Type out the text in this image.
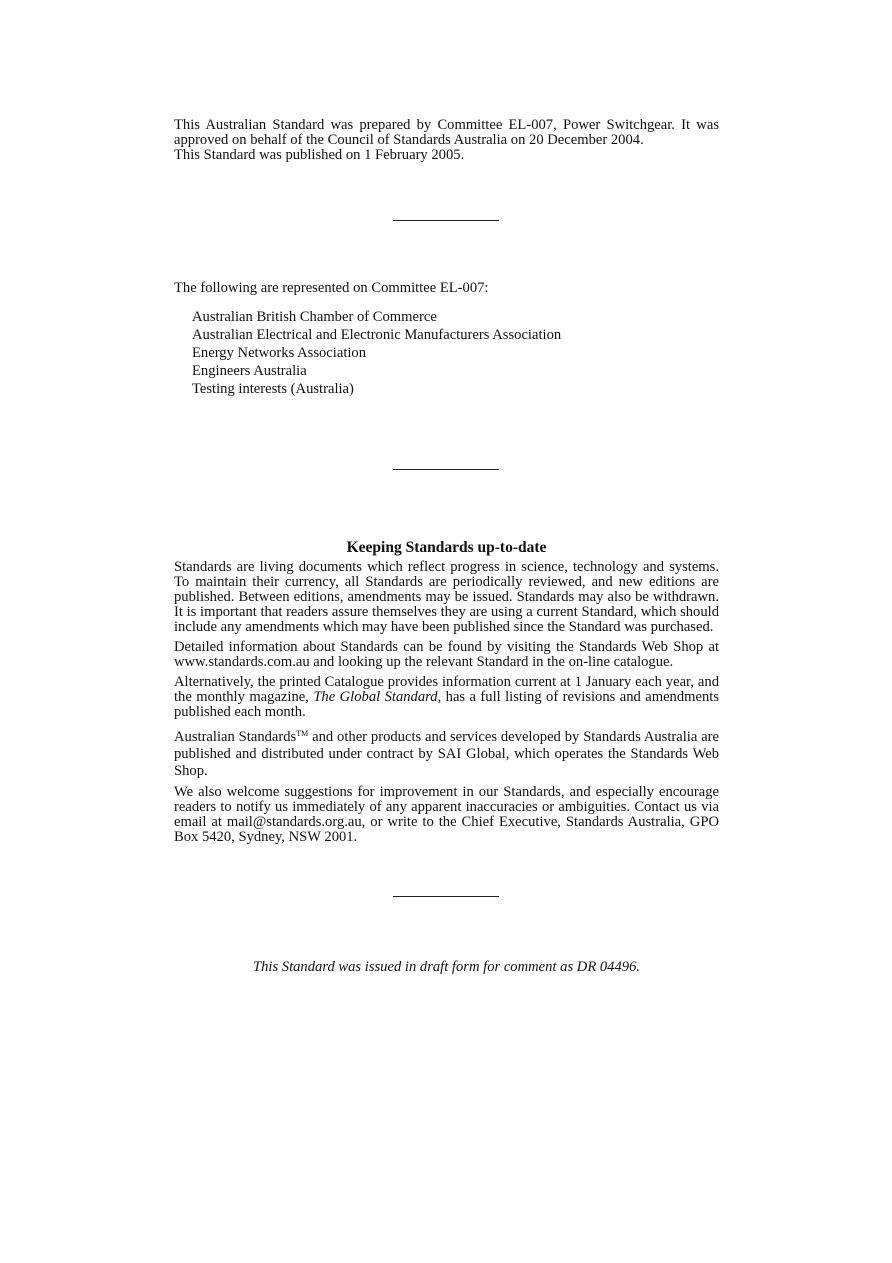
This Australian Standard was prepared by Committee EL-007, Power Switchgear. It was approved on behalf of the Council of Standards Australia on 20 December 2004.

This Standard was published on 1 February 2005.

The following are represented on Committee EL-007:

Australian British Chamber of Commerce
Australian Electrical and Electronic Manufacturers Association
Energy Networks Association
Engineers Australia
Testing interests (Australia)

Keeping Standards up-to-date

Standards are living documents which reflect progress in science, technology and systems. To maintain their currency, all Standards are periodically reviewed, and new editions are published. Between editions, amendments may be issued. Standards may also be withdrawn. It is important that readers assure themselves they are using a current Standard, which should include any amendments which may have been published since the Standard was purchased.

Detailed information about Standards can be found by visiting the Standards Web Shop at www.standards.com.au and looking up the relevant Standard in the on-line catalogue.

Alternatively, the printed Catalogue provides information current at 1 January each year, and the monthly magazine, The Global Standard, has a full listing of revisions and amendments published each month.

Australian Standards™ and other products and services developed by Standards Australia are published and distributed under contract by SAI Global, which operates the Standards Web Shop.

We also welcome suggestions for improvement in our Standards, and especially encourage readers to notify us immediately of any apparent inaccuracies or ambiguities. Contact us via email at mail@standards.org.au, or write to the Chief Executive, Standards Australia, GPO Box 5420, Sydney, NSW 2001.

This Standard was issued in draft form for comment as DR 04496.
